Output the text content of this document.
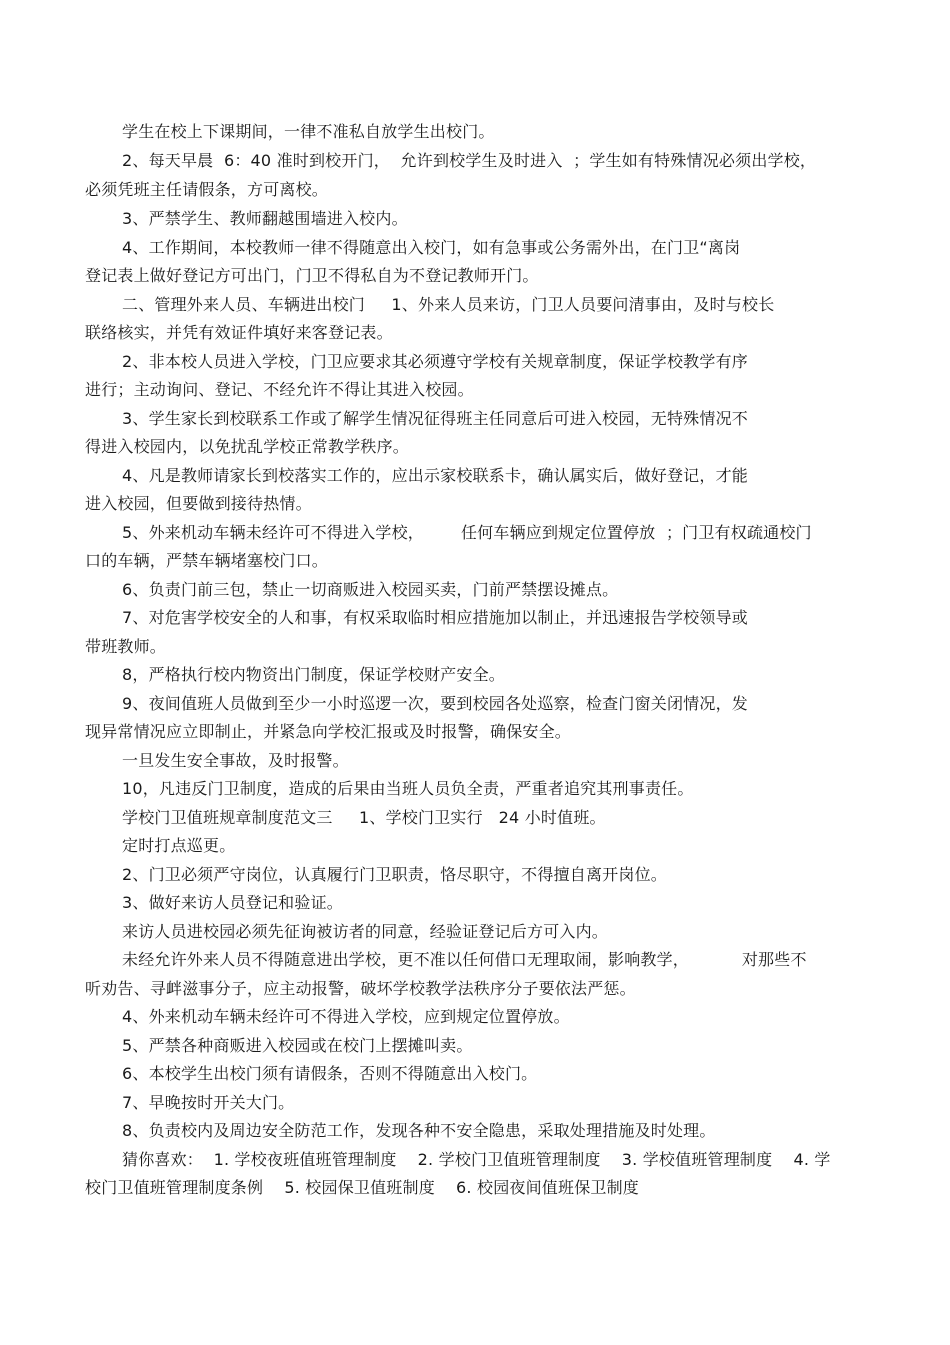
学生在校上下课期间，一律不准私自放学生出校门。
2、每天早晨  6：40 准时到校开门，  允许到校学生及时进入  ；学生如有特殊情况必须出学校，
必须凭班主任请假条，方可离校。
3、严禁学生、教师翻越围墙进入校内。
4、工作期间，本校教师一律不得随意出入校门，如有急事或公务需外出，在门卫“离岗
登记表上做好登记方可出门，门卫不得私自为不登记教师开门。
二、管理外来人员、车辆进出校门     1、外来人员来访，门卫人员要问清事由，及时与校长
联络核实，并凭有效证件填好来客登记表。
2、非本校人员进入学校，门卫应要求其必须遵守学校有关规章制度，保证学校教学有序
进行；主动询问、登记、不经允许不得让其进入校园。
3、学生家长到校联系工作或了解学生情况征得班主任同意后可进入校园，无特殊情况不
得进入校园内，以免扰乱学校正常教学秩序。
4、凡是教师请家长到校落实工作的，应出示家校联系卡，确认属实后，做好登记，才能
进入校园，但要做到接待热情。
5、外来机动车辆未经许可不得进入学校，       任何车辆应到规定位置停放  ；门卫有权疏通校门
口的车辆，严禁车辆堵塞校门口。
6、负责门前三包，禁止一切商贩进入校园买卖，门前严禁摆设摊点。
7、对危害学校安全的人和事，有权采取临时相应措施加以制止，并迅速报告学校领导或
带班教师。
8，严格执行校内物资出门制度，保证学校财产安全。
9、夜间值班人员做到至少一小时巡逻一次，要到校园各处巡察，检查门窗关闭情况，发
现异常情况应立即制止，并紧急向学校汇报或及时报警，确保安全。
一旦发生安全事故，及时报警。
10，凡违反门卫制度，造成的后果由当班人员负全责，严重者追究其刑事责任。
学校门卫值班规章制度范文三     1、学校门卫实行   24 小时值班。
定时打点巡更。
2、门卫必须严守岗位，认真履行门卫职责，恪尽职守，不得擅自离开岗位。
3、做好来访人员登记和验证。
来访人员进校园必须先征询被访者的同意，经验证登记后方可入内。
未经允许外来人员不得随意进出学校，更不准以任何借口无理取闹，影响教学，          对那些不
听劝告、寻衅滋事分子，应主动报警，破坏学校教学法秩序分子要依法严惩。
4、外来机动车辆未经许可不得进入学校，应到规定位置停放。
5、严禁各种商贩进入校园或在校门上摆摊叫卖。
6、本校学生出校门须有请假条，否则不得随意出入校门。
7、早晚按时开关大门。
8、负责校内及周边安全防范工作，发现各种不安全隐患，采取处理措施及时处理。
猜你喜欢：  1. 学校夜班值班管理制度    2. 学校门卫值班管理制度    3. 学校值班管理制度    4. 学
校门卫值班管理制度条例    5. 校园保卫值班制度    6. 校园夜间值班保卫制度
